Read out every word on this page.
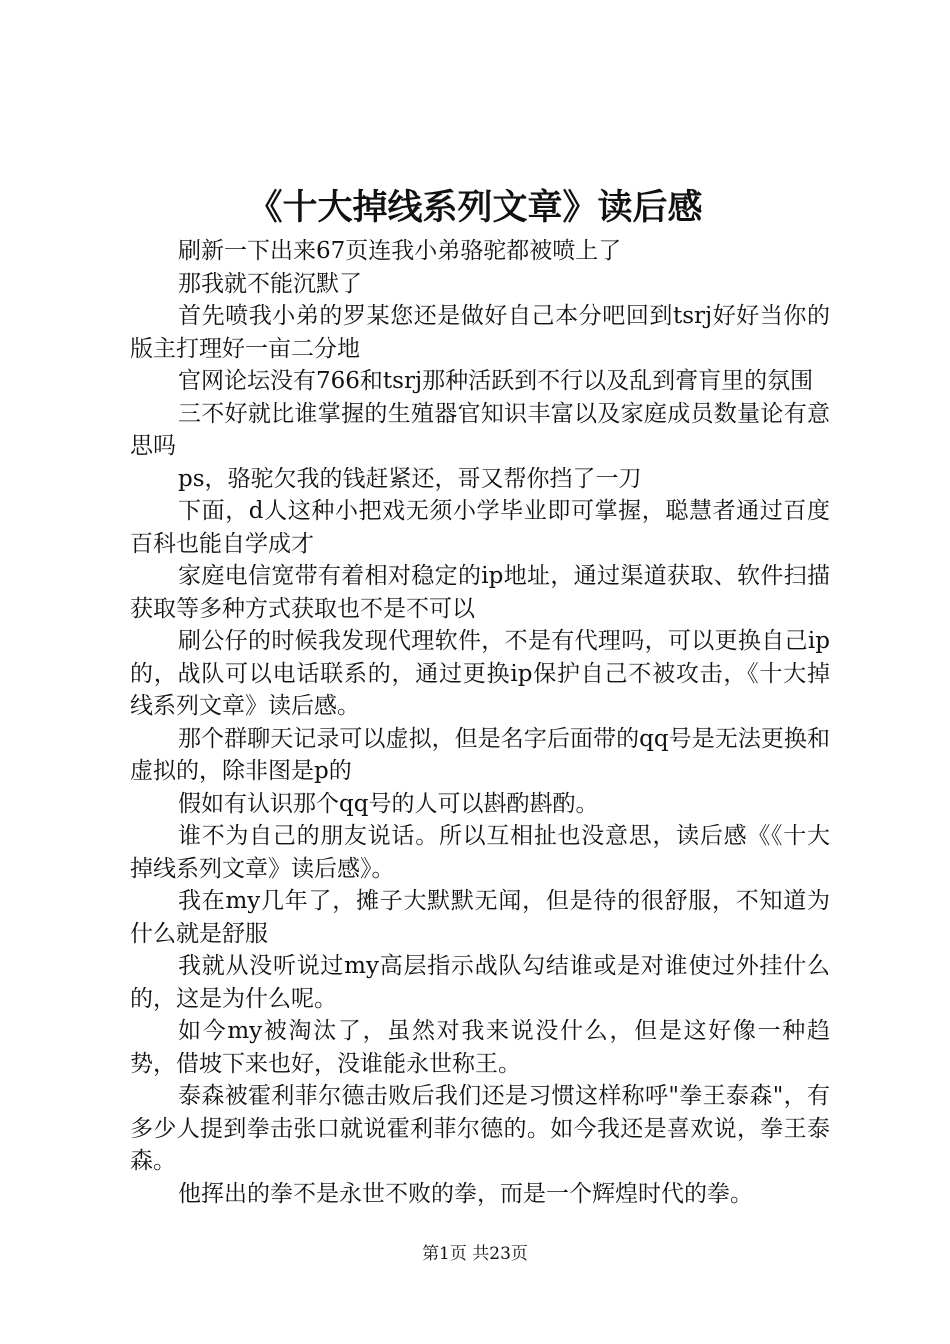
《十大掉线系列文章》读后感

刷新一下出来67页连我小弟骆驼都被喷上了

那我就不能沉默了

首先喷我小弟的罗某您还是做好自己本分吧回到tsrj好好当你的版主打理好一亩二分地

官网论坛没有766和tsrj那种活跃到不行以及乱到膏肓里的氛围

三不好就比谁掌握的生殖器官知识丰富以及家庭成员数量论有意思吗

ps，骆驼欠我的钱赶紧还，哥又帮你挡了一刀

下面，d人这种小把戏无须小学毕业即可掌握，聪慧者通过百度百科也能自学成才

家庭电信宽带有着相对稳定的ip地址，通过渠道获取、软件扫描获取等多种方式获取也不是不可以

刷公仔的时候我发现代理软件，不是有代理吗，可以更换自己ip的，战队可以电话联系的，通过更换ip保护自己不被攻击，《十大掉线系列文章》读后感。

那个群聊天记录可以虚拟，但是名字后面带的qq号是无法更换和虚拟的，除非图是p的

假如有认识那个qq号的人可以斟酌斟酌。

谁不为自己的朋友说话。所以互相扯也没意思，读后感《《十大掉线系列文章》读后感》。

我在my几年了，摊子大默默无闻，但是待的很舒服，不知道为什么就是舒服

我就从没听说过my高层指示战队勾结谁或是对谁使过外挂什么的，这是为什么呢。

如今my被淘汰了，虽然对我来说没什么，但是这好像一种趋势，借坡下来也好，没谁能永世称王。

泰森被霍利菲尔德击败后我们还是习惯这样称呼"拳王泰森"，有多少人提到拳击张口就说霍利菲尔德的。如今我还是喜欢说，拳王泰森。

他挥出的拳不是永世不败的拳，而是一个辉煌时代的拳。

第1页 共23页
